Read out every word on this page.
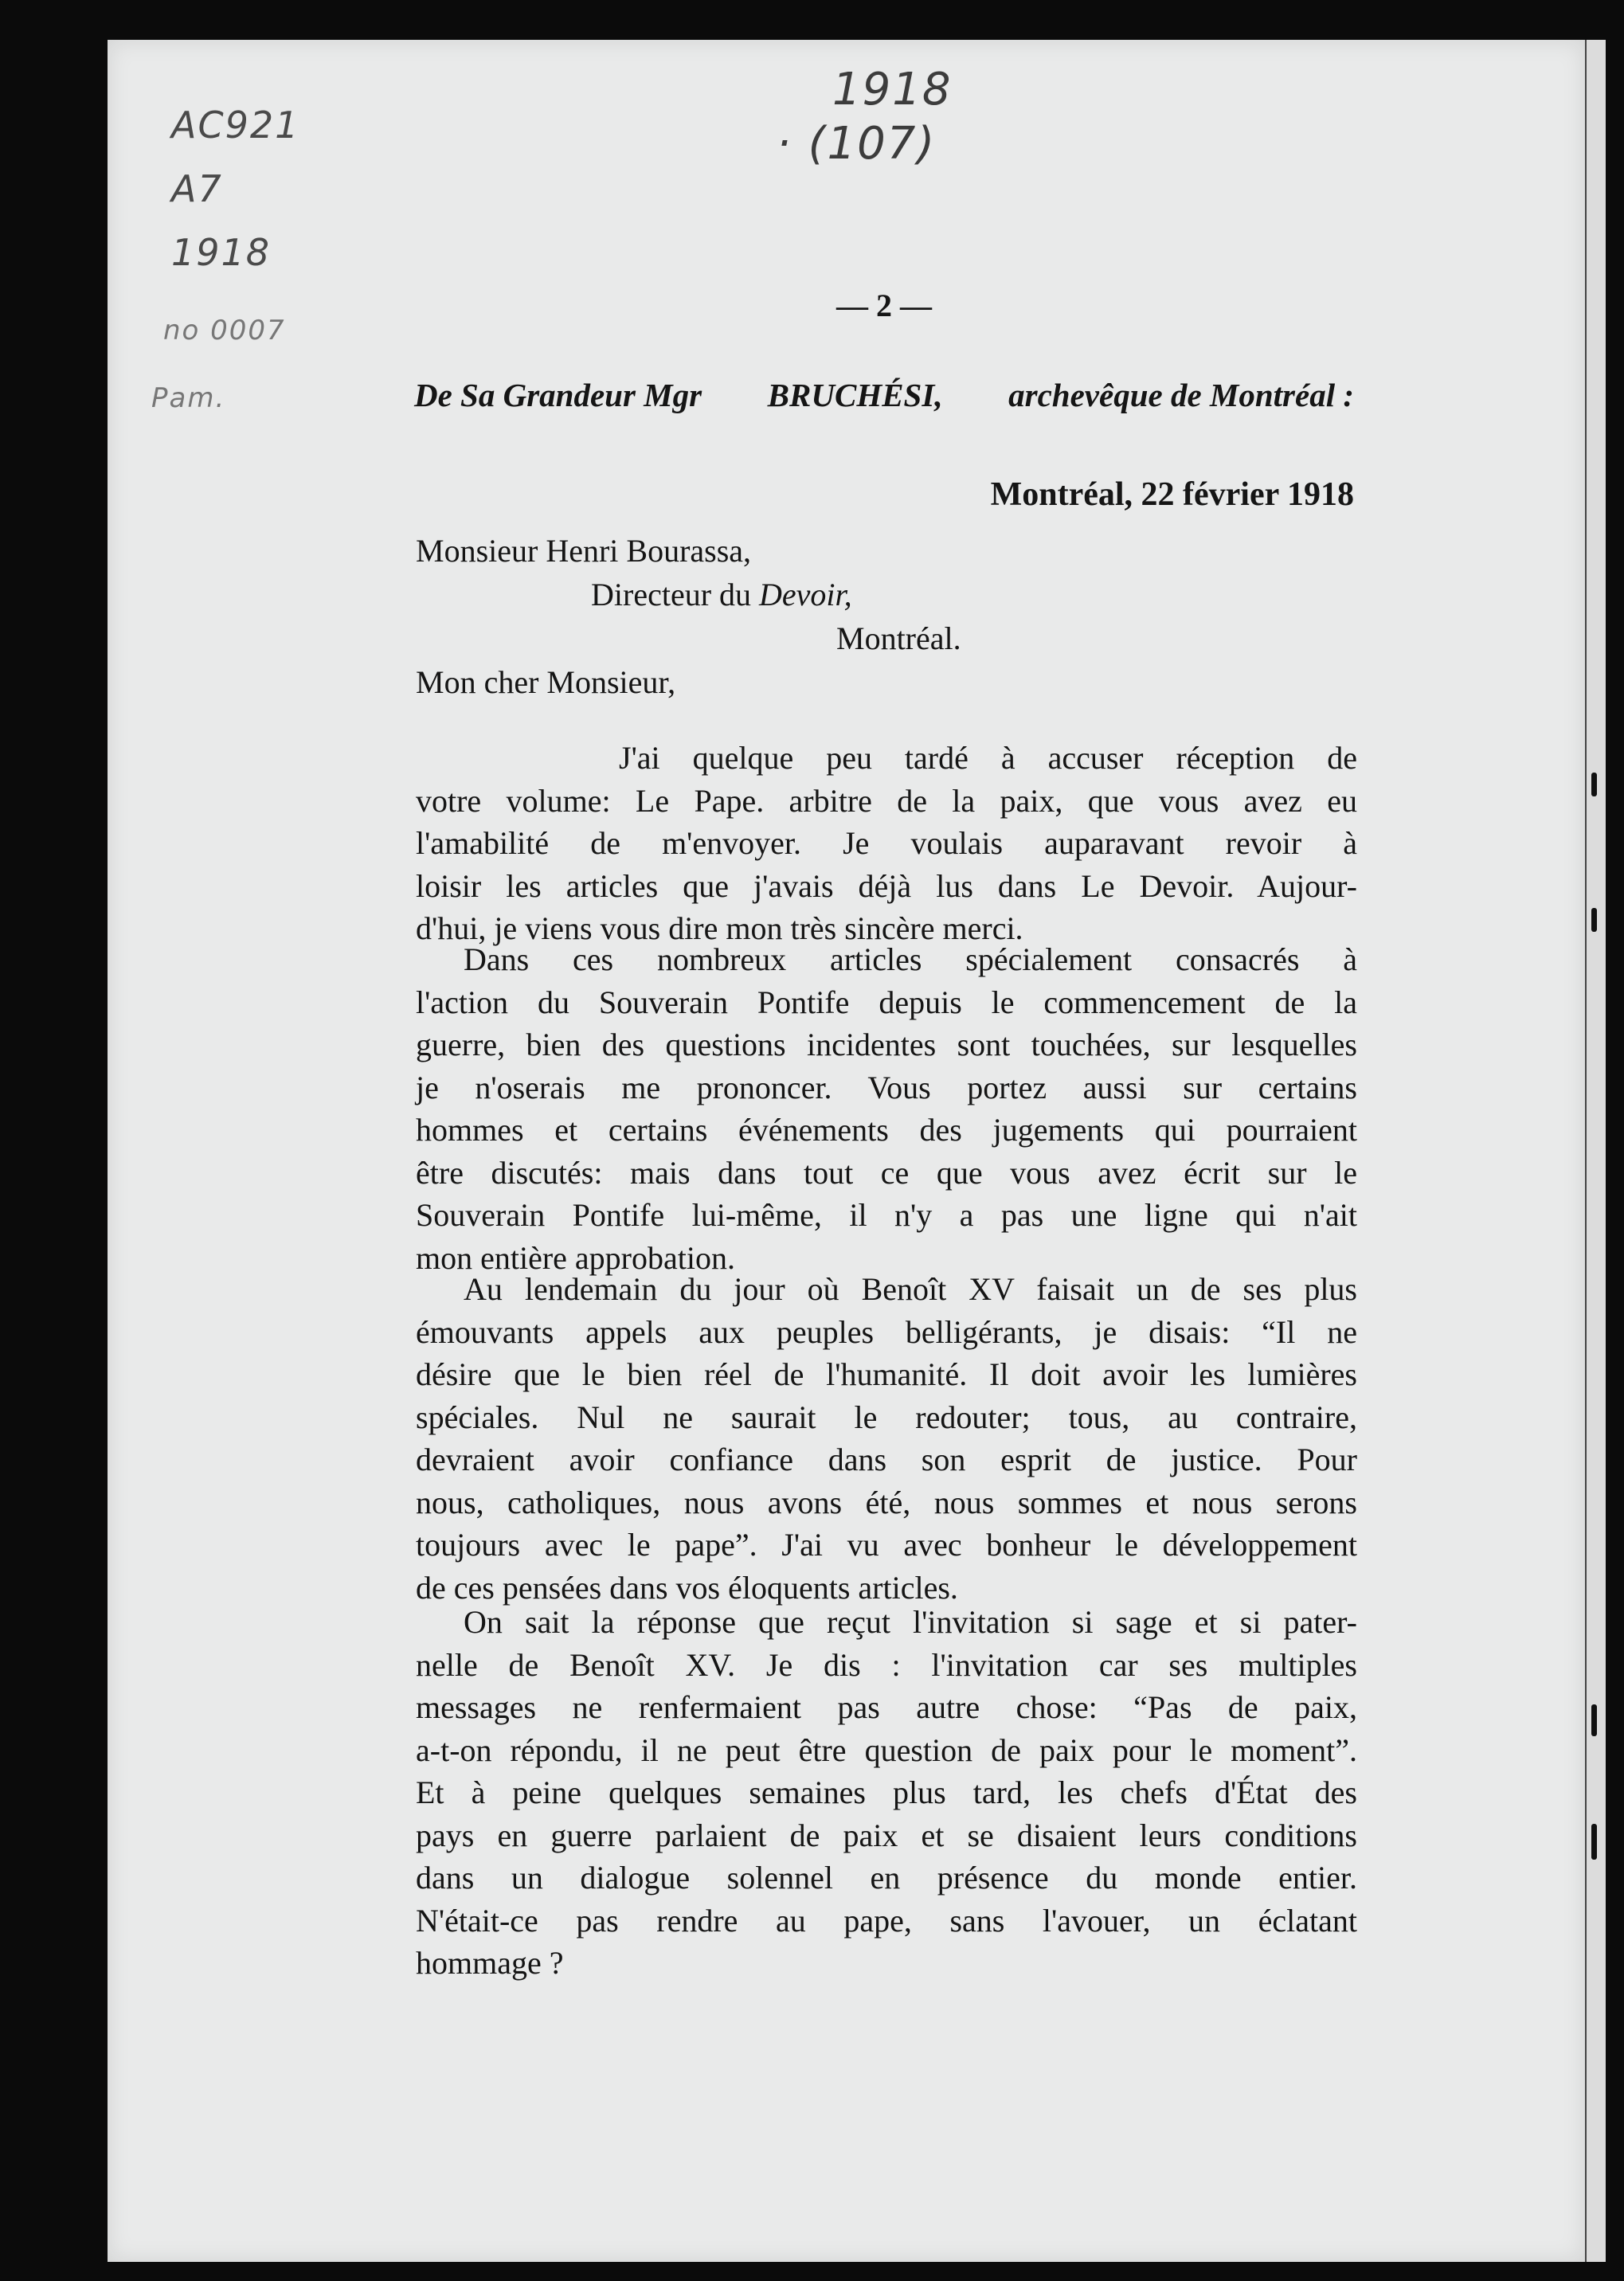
1918
· (107)
AC921
A7
1918
no 0007
Pam.
— 2 —
De Sa Grandeur Mgr BRUCHÉSI, archevêque de Montréal :
Montréal, 22 février 1918
Monsieur Henri Bourassa,
Directeur du Devoir,
Montréal.
Mon cher Monsieur,
J'ai quelque peu tardé à accuser réception de
votre volume: Le Pape. arbitre de la paix, que vous avez eu
l'amabilité de m'envoyer. Je voulais auparavant revoir à
loisir les articles que j'avais déjà lus dans Le Devoir. Aujour-
d'hui, je viens vous dire mon très sincère merci.
Dans ces nombreux articles spécialement consacrés à
l'action du Souverain Pontife depuis le commencement de la
guerre, bien des questions incidentes sont touchées, sur lesquelles
je n'oserais me prononcer. Vous portez aussi sur certains
hommes et certains événements des jugements qui pourraient
être discutés: mais dans tout ce que vous avez écrit sur le
Souverain Pontife lui-même, il n'y a pas une ligne qui n'ait
mon entière approbation.
Au lendemain du jour où Benoît XV faisait un de ses plus
émouvants appels aux peuples belligérants, je disais: “Il ne
désire que le bien réel de l'humanité. Il doit avoir les lumières
spéciales. Nul ne saurait le redouter; tous, au contraire,
devraient avoir confiance dans son esprit de justice. Pour
nous, catholiques, nous avons été, nous sommes et nous serons
toujours avec le pape”. J'ai vu avec bonheur le développement
de ces pensées dans vos éloquents articles.
On sait la réponse que reçut l'invitation si sage et si pater-
nelle de Benoît XV. Je dis : l'invitation car ses multiples
messages ne renfermaient pas autre chose: “Pas de paix,
a-t-on répondu, il ne peut être question de paix pour le moment”.
Et à peine quelques semaines plus tard, les chefs d'État des
pays en guerre parlaient de paix et se disaient leurs conditions
dans un dialogue solennel en présence du monde entier.
N'était-ce pas rendre au pape, sans l'avouer, un éclatant
hommage ?
